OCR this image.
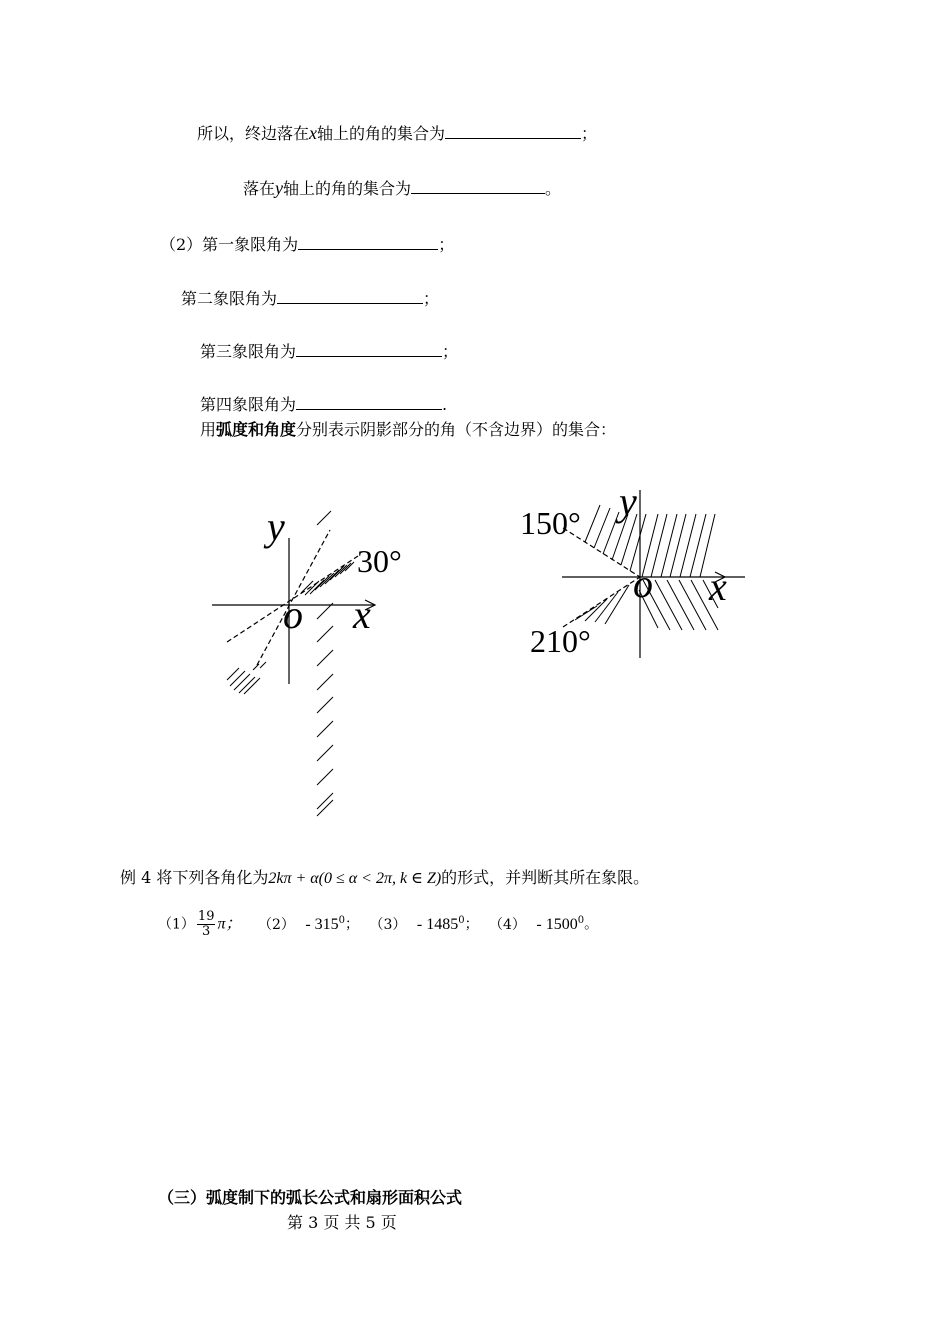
所以，终边落在x轴上的角的集合为	；
落在y轴上的角的集合为	。
（2）第一象限角为	；
第二象限角为	；
第三象限角为	；
第四象限角为	.
用弧度和角度分别表示阴影部分的角（不含边界）的集合：
y
x
o
30°
y
x
o
150°
210°
例 4 将下列各角化为2kπ + α(0 ≤ α < 2π, k ∈ Z)的形式，并判断其所在象限。
$(1) \frac{19}{3}$ π； $(2) - 315^0$； （3） - 1485$^0$； （4） - 1500$^0$。
（三）弧度制下的弧长公式和扇形面积公式
第 3 页 共 5 页
